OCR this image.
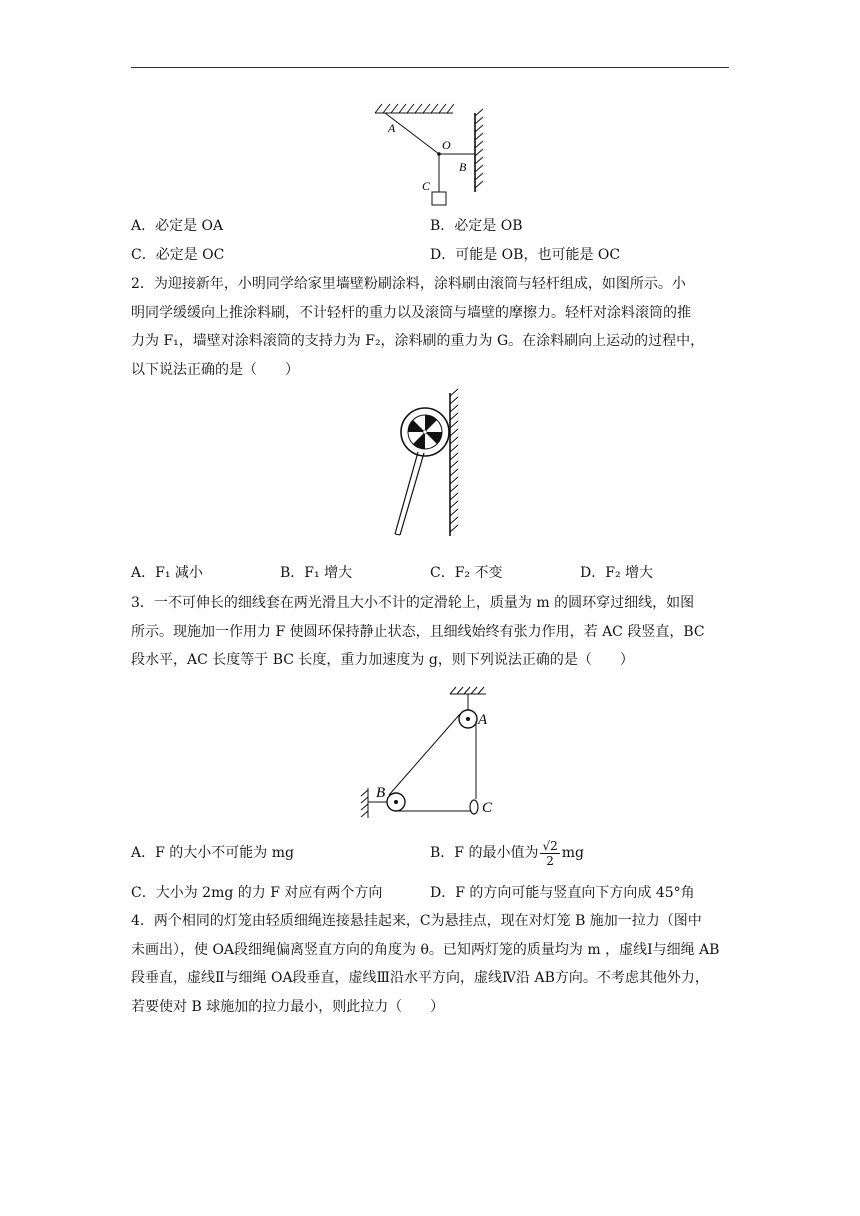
A
O
B
C
A．必定是 OA	B．必定是 OB
C．必定是 OC	D．可能是 OB，也可能是 OC
2．为迎接新年，小明同学给家里墙壁粉刷涂料，涂料刷由滚筒与轻杆组成，如图所示。小
明同学缓缓向上推涂料刷，不计轻杆的重力以及滚筒与墙壁的摩擦力。轻杆对涂料滚筒的推
力为 F₁，墙壁对涂料滚筒的支持力为 F₂，涂料刷的重力为 G。在涂料刷向上运动的过程中，
以下说法正确的是（　　）
A．F₁ 减小	B．F₁ 增大	C．F₂ 不变	D．F₂ 增大
3．一不可伸长的细线套在两光滑且大小不计的定滑轮上，质量为 m 的圆环穿过细线，如图
所示。现施加一作用力 F 使圆环保持静止状态，且细线始终有张力作用，若 AC 段竖直，BC
段水平，AC 长度等于 BC 长度，重力加速度为 g，则下列说法正确的是（　　）
A
B
C
A．F 的大小不可能为 mg	B．F 的最小值为 $\frac{√2}{2}$ mg
C．大小为 2mg 的力 F 对应有两个方向	D．F 的方向可能与竖直向下方向成 45°角
4．两个相同的灯笼由轻质细绳连接悬挂起来，C为悬挂点，现在对灯笼 B 施加一拉力（图中
未画出），使 OA段细绳偏离竖直方向的角度为 θ。已知两灯笼的质量均为 m ，虚线Ⅰ与细绳 AB
段垂直，虚线Ⅱ与细绳 OA段垂直，虚线Ⅲ沿水平方向，虚线Ⅳ沿 AB方向。不考虑其他外力，
若要使对 B 球施加的拉力最小，则此拉力（　　）
